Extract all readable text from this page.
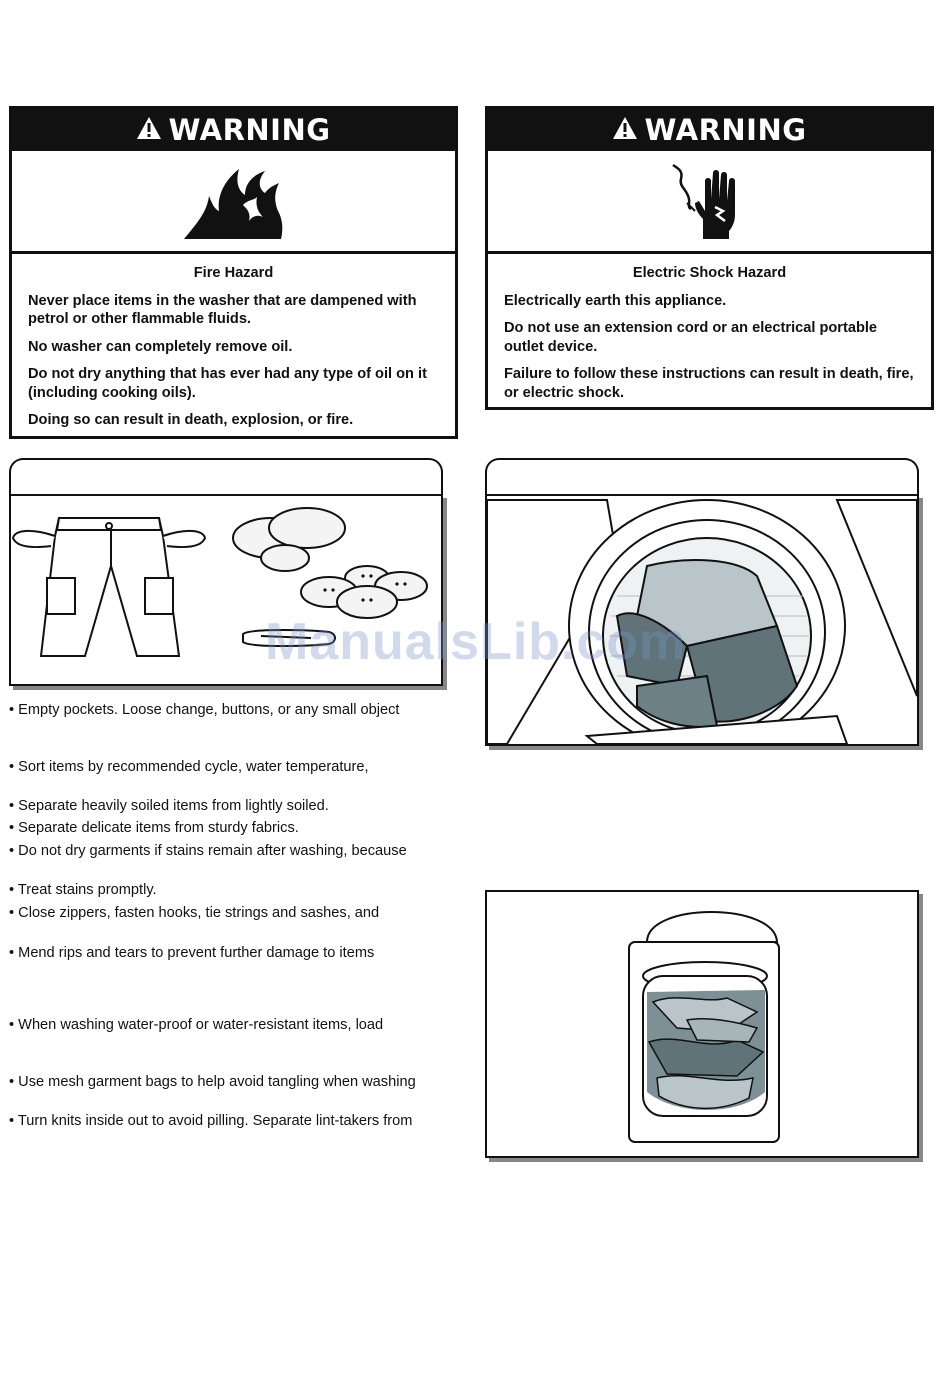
WARNING
Fire Hazard

Never place items in the washer that are dampened with petrol or other flammable fluids.

No washer can completely remove oil.

Do not dry anything that has ever had any type of oil on it (including cooking oils).

Doing so can result in death, explosion, or fire.

WARNING
Electric Shock Hazard

Electrically earth this appliance.

Do not use an extension cord or an electrical portable outlet device.

Failure to follow these instructions can result in death, fire, or electric shock.

• Empty pockets. Loose change, buttons, or any small object
• Sort items by recommended cycle, water temperature,
• Separate heavily soiled items from lightly soiled.
• Separate delicate items from sturdy fabrics.
• Do not dry garments if stains remain after washing, because
• Treat stains promptly.
• Close zippers, fasten hooks, tie strings and sashes, and
• Mend rips and tears to prevent further damage to items
• When washing water-proof or water-resistant items, load
• Use mesh garment bags to help avoid tangling when washing
• Turn knits inside out to avoid pilling. Separate lint-takers from
ManualsLib.com
